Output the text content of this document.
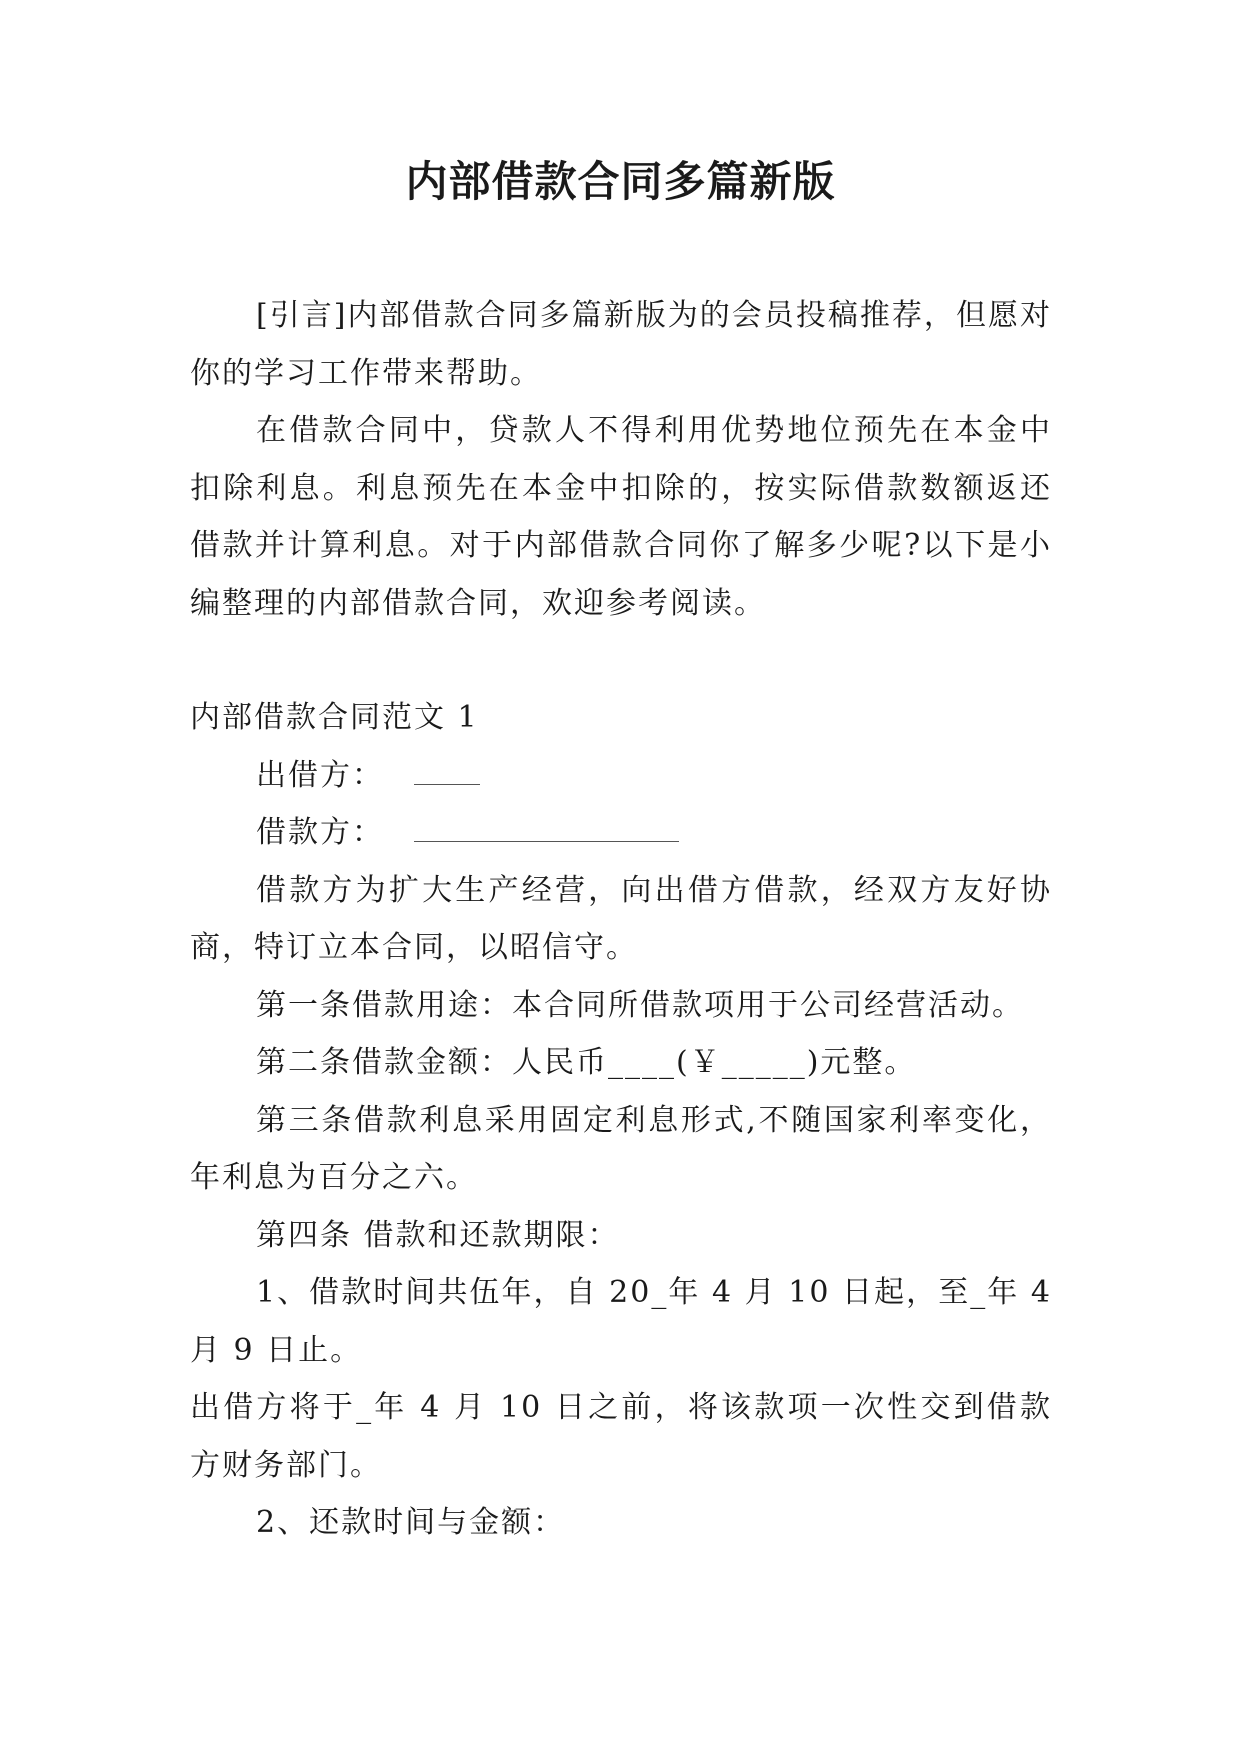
内部借款合同多篇新版

[引言]内部借款合同多篇新版为的会员投稿推荐，但愿对你的学习工作带来帮助。

在借款合同中，贷款人不得利用优势地位预先在本金中扣除利息。利息预先在本金中扣除的，按实际借款数额返还借款并计算利息。对于内部借款合同你了解多少呢?以下是小编整理的内部借款合同，欢迎参考阅读。

内部借款合同范文 1

出借方：

借款方：

借款方为扩大生产经营，向出借方借款，经双方友好协商，特订立本合同，以昭信守。

第一条借款用途：本合同所借款项用于公司经营活动。

第二条借款金额：人民币____(￥_____)元整。

第三条借款利息采用固定利息形式,不随国家利率变化，年利息为百分之六。

第四条 借款和还款期限：

1、借款时间共伍年，自 20_年 4 月 10 日起，至_年 4 月 9 日止。

出借方将于_年 4 月 10 日之前，将该款项一次性交到借款方财务部门。

2、还款时间与金额：
